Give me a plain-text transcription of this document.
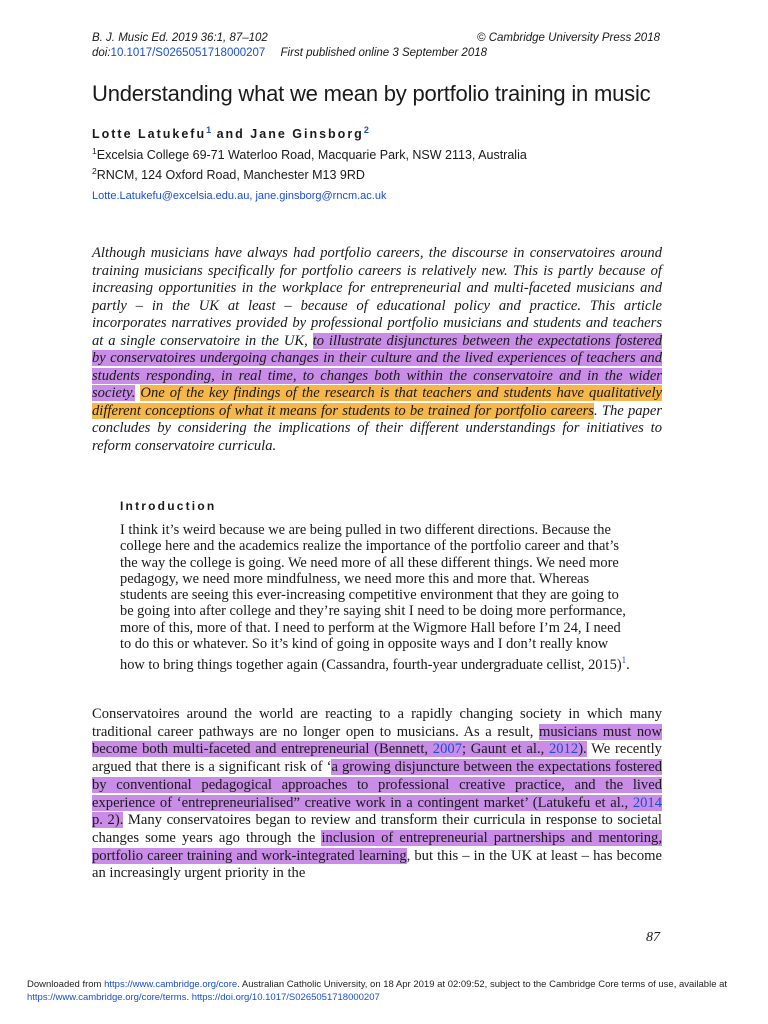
B. J. Music Ed. 2019 36:1, 87–102
doi:10.1017/S0265051718000207 First published online 3 September 2018
© Cambridge University Press 2018
Understanding what we mean by portfolio training in music
Lotte Latukefu$^1$ and Jane Ginsborg$^2$
$^1$Excelsia College 69-71 Waterloo Road, Macquarie Park, NSW 2113, Australia
$^2$RNCM, 124 Oxford Road, Manchester M13 9RD
Lotte.Latukefu@excelsia.edu.au, jane.ginsborg@rncm.ac.uk

Although musicians have always had portfolio careers, the discourse in conservatoires around training musicians specifically for portfolio careers is relatively new. This is partly because of increasing opportunities in the workplace for entrepreneurial and multi-faceted musicians and partly – in the UK at least – because of educational policy and practice. This article incorporates narratives provided by professional portfolio musicians and students and teachers at a single conservatoire in the UK, to illustrate disjunctures between the expectations fostered by conservatoires undergoing changes in their culture and the lived experiences of teachers and students responding, in real time, to changes both within the conservatoire and in the wider society. One of the key findings of the research is that teachers and students have qualitatively different conceptions of what it means for students to be trained for portfolio careers. The paper concludes by considering the implications of their different understandings for initiatives to reform conservatoire curricula.

Introduction

I think it’s weird because we are being pulled in two different directions. Because the college here and the academics realize the importance of the portfolio career and that’s the way the college is going. We need more of all these different things. We need more pedagogy, we need more mindfulness, we need more this and more that. Whereas students are seeing this ever-increasing competitive environment that they are going to be going into after college and they’re saying shit I need to be doing more performance, more of this, more of that. I need to perform at the Wigmore Hall before I’m 24, I need to do this or whatever. So it’s kind of going in opposite ways and I don’t really know how to bring things together again (Cassandra, fourth-year undergraduate cellist, 2015)$^1$.

Conservatoires around the world are reacting to a rapidly changing society in which many traditional career pathways are no longer open to musicians. As a result, musicians must now become both multi-faceted and entrepreneurial (Bennett, 2007; Gaunt et al., 2012). We recently argued that there is a significant risk of ‘a growing disjuncture between the expectations fostered by conventional pedagogical approaches to professional creative practice, and the lived experience of ‘entrepreneurialised” creative work in a contingent market’ (Latukefu et al., 2014 p. 2). Many conservatoires began to review and transform their curricula in response to societal changes some years ago through the inclusion of entrepreneurial partnerships and mentoring, portfolio career training and work-integrated learning, but this – in the UK at least – has become an increasingly urgent priority in the

87
Downloaded from https://www.cambridge.org/core. Australian Catholic University, on 18 Apr 2019 at 02:09:52, subject to the Cambridge Core terms of use, available at https://www.cambridge.org/core/terms. https://doi.org/10.1017/S0265051718000207
